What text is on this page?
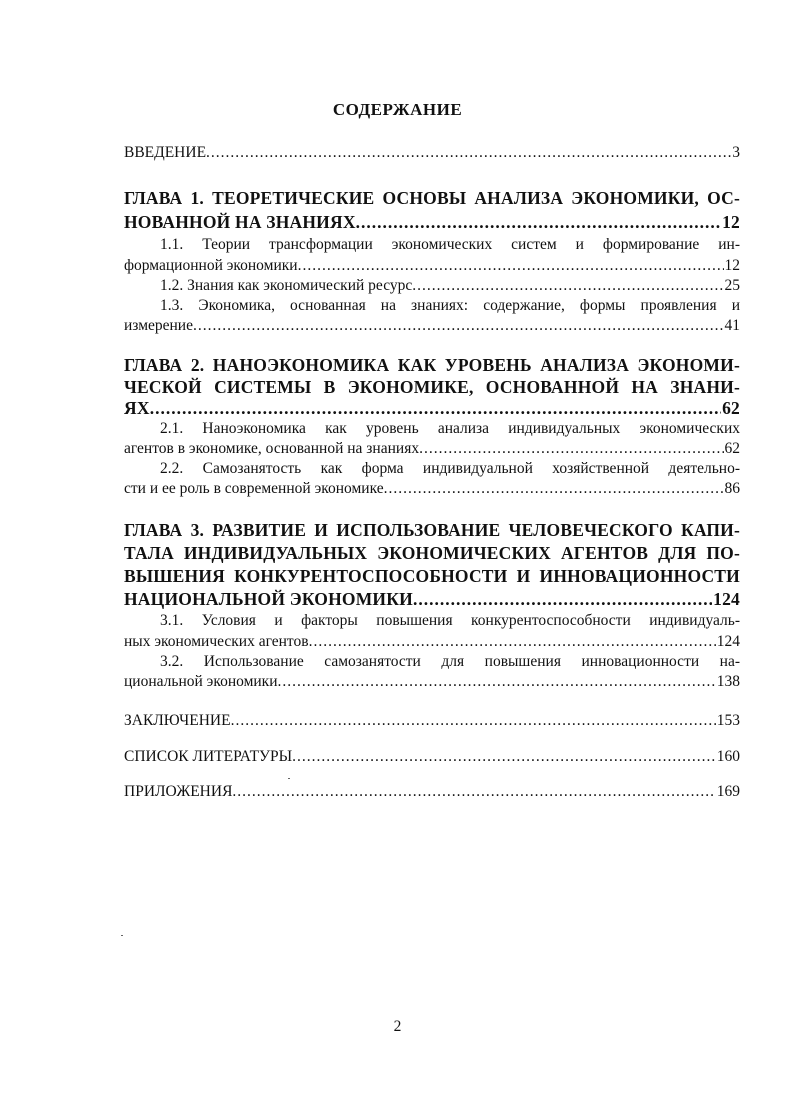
СОДЕРЖАНИЕ
ВВЕДЕНИЕ .....	3
ГЛАВА 1. ТЕОРЕТИЧЕСКИЕ ОСНОВЫ АНАЛИЗА ЭКОНОМИКИ, ОС-
НОВАННОЙ НА ЗНАНИЯХ .....	12
1.1. Теории трансформации экономических систем и формирование ин-
формационной экономики .....	12
1.2. Знания как экономический ресурс .....	25
1.3. Экономика, основанная на знаниях: содержание, формы проявления и
измерение .....	41
ГЛАВА 2. НАНОЭКОНОМИКА КАК УРОВЕНЬ АНАЛИЗА ЭКОНОМИ-
ЧЕСКОЙ СИСТЕМЫ В ЭКОНОМИКЕ, ОСНОВАННОЙ НА ЗНАНИ-
ЯХ .....	62
2.1. Наноэкономика как уровень анализа индивидуальных экономических
агентов в экономике, основанной на знаниях .....	62
2.2. Самозанятость как форма индивидуальной хозяйственной деятельно-
сти и ее роль в современной экономике .....	86
ГЛАВА 3. РАЗВИТИЕ И ИСПОЛЬЗОВАНИЕ ЧЕЛОВЕЧЕСКОГО КАПИ-
ТАЛА ИНДИВИДУАЛЬНЫХ ЭКОНОМИЧЕСКИХ АГЕНТОВ ДЛЯ ПО-
ВЫШЕНИЯ КОНКУРЕНТОСПОСОБНОСТИ И ИННОВАЦИОННОСТИ
НАЦИОНАЛЬНОЙ ЭКОНОМИКИ .....	124
3.1. Условия и факторы повышения конкурентоспособности индивидуаль-
ных экономических агентов .....	124
3.2. Использование самозанятости для повышения инновационности на-
циональной экономики .....	138
ЗАКЛЮЧЕНИЕ .....	153
СПИСОК ЛИТЕРАТУРЫ .....	160
ПРИЛОЖЕНИЯ .....	169
2
